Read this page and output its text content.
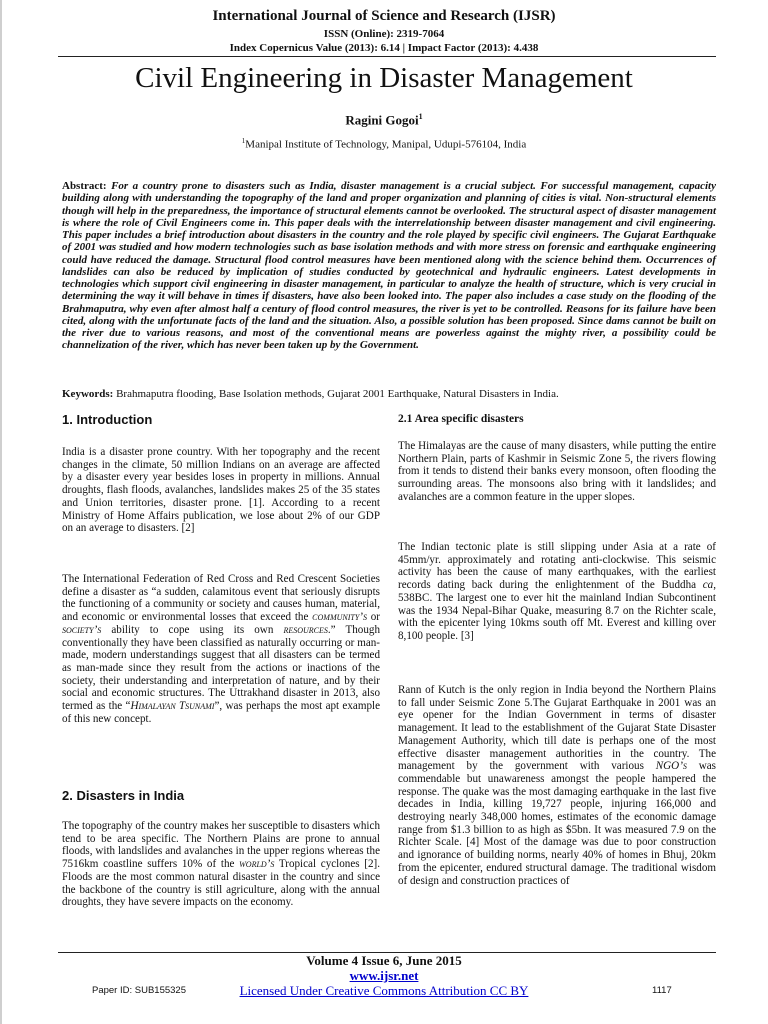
International Journal of Science and Research (IJSR)
ISSN (Online): 2319-7064
Index Copernicus Value (2013): 6.14 | Impact Factor (2013): 4.438
Civil Engineering in Disaster Management
Ragini Gogoi$^1$
$^1$Manipal Institute of Technology, Manipal, Udupi-576104, India
Abstract: For a country prone to disasters such as India, disaster management is a crucial subject. For successful management, capacity building along with understanding the topography of the land and proper organization and planning of cities is vital. Non-structural elements though will help in the preparedness, the importance of structural elements cannot be overlooked. The structural aspect of disaster management is where the role of Civil Engineers come in. This paper deals with the interrelationship between disaster management and civil engineering. This paper includes a brief introduction about disasters in the country and the role played by specific civil engineers. The Gujarat Earthquake of 2001 was studied and how modern technologies such as base isolation methods and with more stress on forensic and earthquake engineering could have reduced the damage. Structural flood control measures have been mentioned along with the science behind them. Occurrences of landslides can also be reduced by implication of studies conducted by geotechnical and hydraulic engineers. Latest developments in technologies which support civil engineering in disaster management, in particular to analyze the health of structure, which is very crucial in determining the way it will behave in times if disasters, have also been looked into. The paper also includes a case study on the flooding of the Brahmaputra, why even after almost half a century of flood control measures, the river is yet to be controlled. Reasons for its failure have been cited, along with the unfortunate facts of the land and the situation. Also, a possible solution has been proposed. Since dams cannot be built on the river due to various reasons, and most of the conventional means are powerless against the mighty river, a possibility could be channelization of the river, which has never been taken up by the Government.
Keywords: Brahmaputra flooding, Base Isolation methods, Gujarat 2001 Earthquake, Natural Disasters in India.
1. Introduction

India is a disaster prone country. With her topography and the recent changes in the climate, 50 million Indians on an average are affected by a disaster every year besides loses in property in millions. Annual droughts, flash floods, avalanches, landslides makes 25 of the 35 states and Union territories, disaster prone. [1]. According to a recent Ministry of Home Affairs publication, we lose about 2% of our GDP on an average to disasters. [2]

The International Federation of Red Cross and Red Crescent Societies define a disaster as “a sudden, calamitous event that seriously disrupts the functioning of a community or society and causes human, material, and economic or environmental losses that exceed the community’s or society’s ability to cope using its own resources.” Though conventionally they have been classified as naturally occurring or man-made, modern understandings suggest that all disasters can be termed as man-made since they result from the actions or inactions of the society, their understanding and interpretation of nature, and by their social and economic structures. The Uttrakhand disaster in 2013, also termed as the “Himalayan Tsunami”, was perhaps the most apt example of this new concept.

2. Disasters in India

The topography of the country makes her susceptible to disasters which tend to be area specific. The Northern Plains are prone to annual floods, with landslides and avalanches in the upper regions whereas the 7516km coastline suffers 10% of the world’s Tropical cyclones [2]. Floods are the most common natural disaster in the country and since the backbone of the country is still agriculture, along with the annual droughts, they have severe impacts on the economy.

2.1 Area specific disasters

The Himalayas are the cause of many disasters, while putting the entire Northern Plain, parts of Kashmir in Seismic Zone 5, the rivers flowing from it tends to distend their banks every monsoon, often flooding the surrounding areas. The monsoons also bring with it landslides; and avalanches are a common feature in the upper slopes.

The Indian tectonic plate is still slipping under Asia at a rate of 45mm/yr. approximately and rotating anti-clockwise. This seismic activity has been the cause of many earthquakes, with the earliest records dating back during the enlightenment of the Buddha ca, 538BC. The largest one to ever hit the mainland Indian Subcontinent was the 1934 Nepal-Bihar Quake, measuring 8.7 on the Richter scale, with the epicenter lying 10kms south off Mt. Everest and killing over 8,100 people. [3]

Rann of Kutch is the only region in India beyond the Northern Plains to fall under Seismic Zone 5.The Gujarat Earthquake in 2001 was an eye opener for the Indian Government in terms of disaster management. It lead to the establishment of the Gujarat State Disaster Management Authority, which till date is perhaps one of the most effective disaster management authorities in the country. The management by the government with various NGO’s was commendable but unawareness amongst the people hampered the response. The quake was the most damaging earthquake in the last five decades in India, killing 19,727 people, injuring 166,000 and destroying nearly 348,000 homes, estimates of the economic damage range from $1.3 billion to as high as $5bn. It was measured 7.9 on the Richter Scale. [4] Most of the damage was due to poor construction and ignorance of building norms, nearly 40% of homes in Bhuj, 20km from the epicenter, endured structural damage. The traditional wisdom of design and construction practices of

Volume 4 Issue 6, June 2015
www.ijsr.net
Paper ID: SUB155325	Licensed Under Creative Commons Attribution CC BY	1117
